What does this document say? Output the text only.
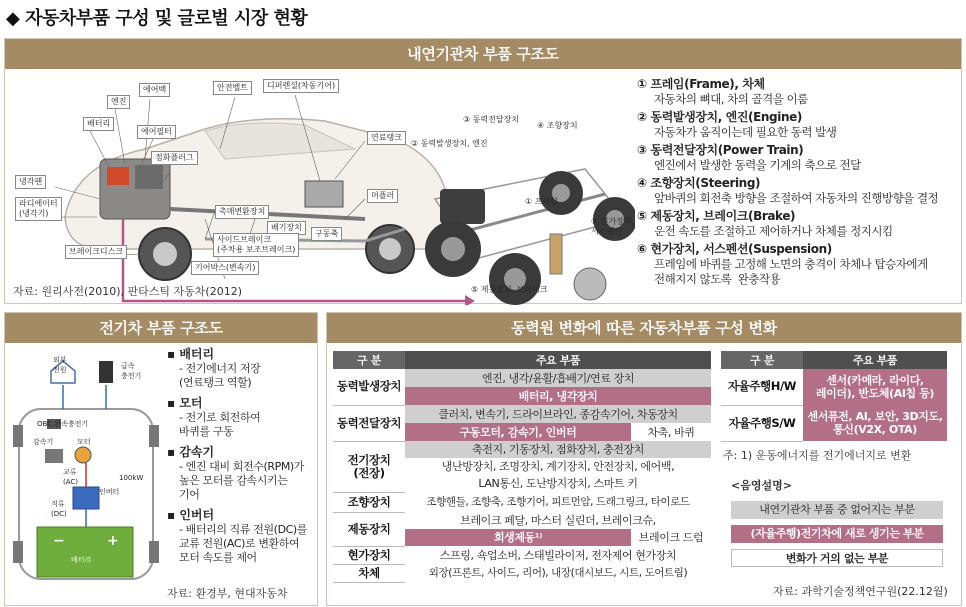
◆ 자동차부품 구성 및 글로벌 시장 현황
내연기관차 부품 구조도
에어백	안전벨트	디퍼렌셜(차동기어)
엔진
배터리
에어필터
연료탱크
점화플러그
냉각팬
라디에이터
(냉각기)
머플러
촉매변환장치
배기장치
구동축
사이드브레이크
(주차용 보조브레이크)
브레이크디스크
기어박스(변속기)
③ 동력전달장치
④ 조향장치
② 동력발생장치, 엔진
① 프레임
⑥ 현가장치,
서스펜션
⑤ 제동장치, 브레이크
자료: 원리사전(2010), 판타스틱 자동차(2012)
① 프레임(Frame), 차체
자동차의 뼈대, 차의 골격을 이룸
② 동력발생장치, 엔진(Engine)
자동차가 움직이는데 필요한 동력 발생
③ 동력전달장치(Power Train)
엔진에서 발생한 동력을 기계의 축으로 전달
④ 조향장치(Steering)
앞바퀴의 회전축 방향을 조절하여 자동차의 진행방향을 결정
⑤ 제동장치, 브레이크(Brake)
운전 속도를 조절하고 제어하거나 차체를 정지시킴
⑥ 현가장치, 서스펜션(Suspension)
프레임에 바퀴를 고정해 노면의 충격이 차체나 탑승자에게
전해지지 않도록  완충작용
전기차 부품 구조도
−	+
외부
전원	급속
충전기
OBC 완속충전기
감속기	모터
교류
(AC)
인버터
직류
(DC)
100kW
배터리
▪ 배터리
- 전기에너지 저장
(연료탱크 역할)
▪ 모터
- 전기로 회전하여
바퀴를 구동
▪ 감속기
- 엔진 대비 회전수(RPM)가
높은 모터를 감속시키는
기어
▪ 인버터
- 배터리의 직류 전원(DC)를
교류 전원(AC)로 변환하여
모터 속도를 제어
자료: 환경부, 현대자동차
동력원 변화에 따른 자동차부품 구성 변화
구 분	주요 부품	
동력발생장치	엔진, 냉각/윤활/흡배기/연료 장치	
	배터리, 냉각장치	
동력전달장치	클러치, 변속기, 드라이브라인, 종감속기어, 차동장치	
	구동모터, 감속기, 인버터	차축, 바퀴
전기장치
(전장)	축전지, 기동장치, 점화장치, 충전장치	
	냉난방장치, 조명장치, 계기장치, 안전장치, 에어백,	
	LAN통신, 도난방지장치, 스마트 키	
조향장치	조향핸들, 조향축, 조향기어, 피트먼암, 드래그링크, 타이로드	
제동장치	브레이크 페달, 마스터 실린더, 브레이크슈,	
	회생제동¹⁾	브레이크 드럼
현가장치	스프링, 쇽업소버, 스태빌라이저, 전자제어 현가장치	
차체	외장(프론트, 사이드, 리어), 내장(대시보드, 시트, 도어트림)	
구 분	주요 부품
자율주행H/W	센서(카메라, 라이다,
레이더), 반도체(AI칩 등)
자율주행S/W	센서퓨전, AI, 보안, 3D지도,
통신(V2X, OTA)
주: 1) 운동에너지를 전기에너지로 변환
<음영설명>
내연기관차 부품 중 없어지는 부분
(자율주행)전기차에 새로 생기는 부분
변화가 거의 없는 부분
자료: 과학기술정책연구원(22.12월)
